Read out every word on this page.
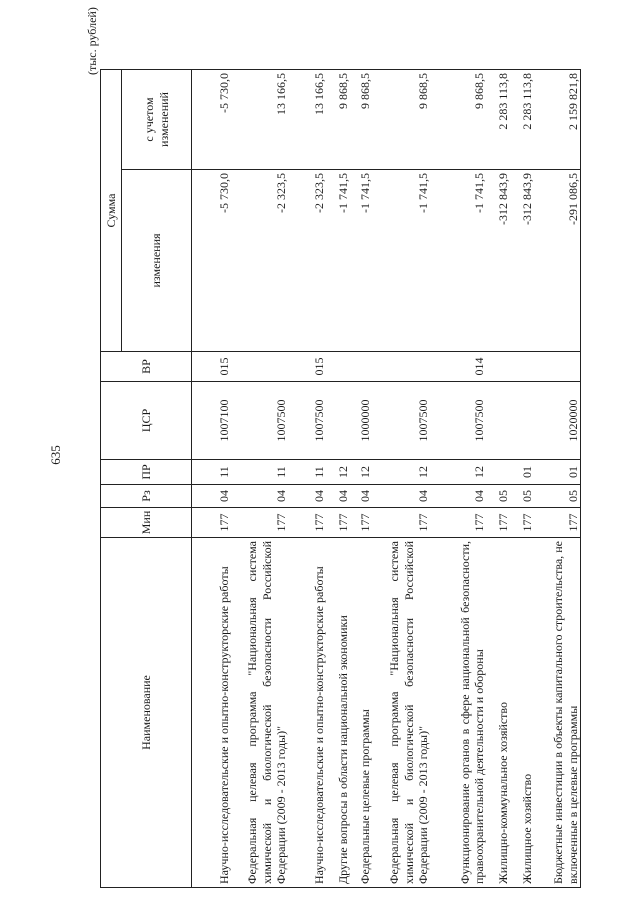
635
(тыс. рублей)
Наименование	Мин	Рз	ПР	ЦСР	ВР	Сумма	
						изменения	с учетом изменений
Научно-исследовательские и опытно-конструкторские работы	177	04	11	1007100	015	-5 730,0	-5 730,0
Федеральная целевая программа "Национальная система химической и биологической безопасности Российской Федерации (2009 - 2013 годы)"	177	04	11	1007500		-2 323,5	13 166,5
Научно-исследовательские и опытно-конструкторские работы	177	04	11	1007500	015	-2 323,5	13 166,5
Другие вопросы в области национальной экономики	177	04	12			-1 741,5	9 868,5
Федеральные целевые программы	177	04	12	1000000		-1 741,5	9 868,5
Федеральная целевая программа "Национальная система химической и биологической безопасности Российской Федерации (2009 - 2013 годы)"	177	04	12	1007500		-1 741,5	9 868,5
Функционирование органов в сфере национальной безопасности, правоохранительной деятельности и обороны	177	04	12	1007500	014	-1 741,5	9 868,5
Жилищно-коммунальное хозяйство	177	05				-312 843,9	2 283 113,8
Жилищное хозяйство	177	05	01			-312 843,9	2 283 113,8
Бюджетные инвестиции в объекты капитального строительства, не включенные в целевые программы	177	05	01	1020000		-291 086,5	2 159 821,8
